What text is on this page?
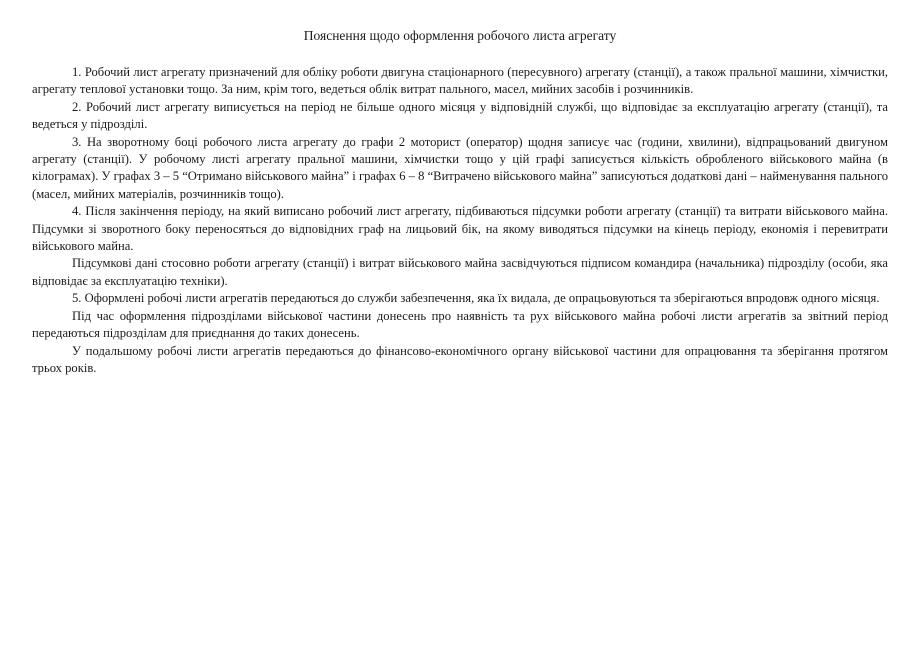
Пояснення щодо оформлення робочого листа агрегату

1. Робочий лист агрегату призначений для обліку роботи двигуна стаціонарного (пересувного) агрегату (станції), а також пральної машини, хімчистки, агрегату теплової установки тощо. За ним, крім того, ведеться облік витрат пального, масел, мийних засобів і розчинників.

2. Робочий лист агрегату виписується на період не більше одного місяця у відповідній службі, що відповідає за експлуатацію агрегату (станції), та ведеться у підрозділі.

3. На зворотному боці робочого листа агрегату до графи 2 моторист (оператор) щодня записує час (години, хвилини), відпрацьований двигуном агрегату (станції). У робочому листі агрегату пральної машини, хімчистки тощо у цій графі записується кількість обробленого військового майна (в кілограмах). У графах 3 – 5 “Отримано військового майна” і графах 6 – 8 “Витрачено військового майна” записуються додаткові дані – найменування пального (масел, мийних матеріалів, розчинників тощо).

4. Після закінчення періоду, на який виписано робочий лист агрегату, підбиваються підсумки роботи агрегату (станції) та витрати військового майна. Підсумки зі зворотного боку переносяться до відповідних граф на лицьовий бік, на якому виводяться підсумки на кінець періоду, економія і перевитрати військового майна.

Підсумкові дані стосовно роботи агрегату (станції) і витрат військового майна засвідчуються підписом командира (начальника) підрозділу (особи, яка відповідає за експлуатацію техніки).

5. Оформлені робочі листи агрегатів передаються до служби забезпечення, яка їх видала, де опрацьовуються та зберігаються впродовж одного місяця.

Під час оформлення підрозділами військової частини донесень про наявність та рух військового майна робочі листи агрегатів за звітний період передаються підрозділам для приєднання до таких донесень.

У подальшому робочі листи агрегатів передаються до фінансово-економічного органу військової частини для опрацювання та зберігання протягом трьох років.
